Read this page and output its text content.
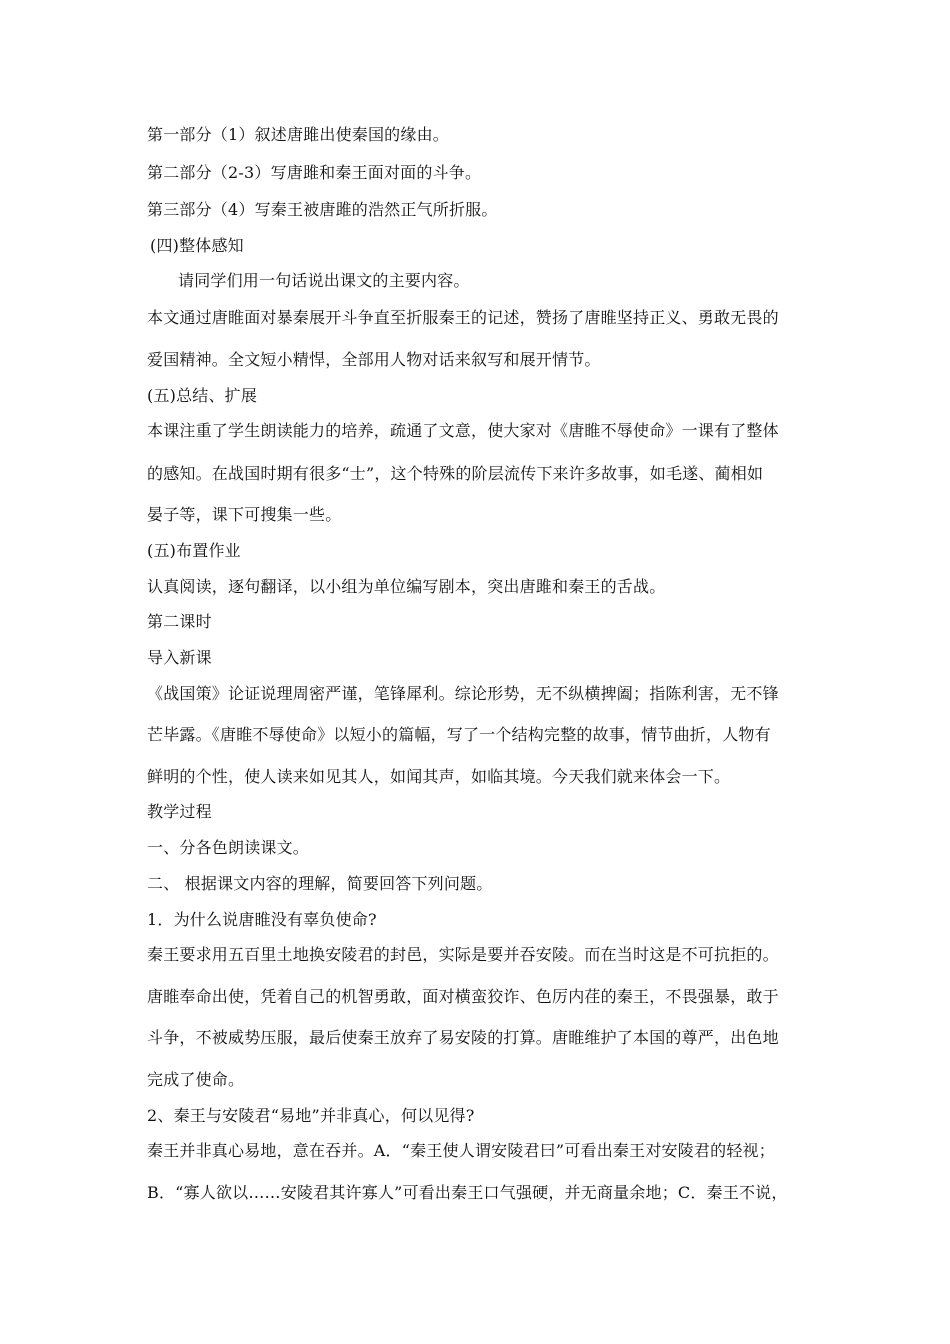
第一部分（1）叙述唐雎出使秦国的缘由。
第二部分（2-3）写唐雎和秦王面对面的斗争。
第三部分（4）写秦王被唐雎的浩然正气所折服。
(四)整体感知
请同学们用一句话说出课文的主要内容。
本文通过唐睢面对暴秦展开斗争直至折服秦王的记述，赞扬了唐睢坚持正义、勇敢无畏的
爱国精神。全文短小精悍，全部用人物对话来叙写和展开情节。
(五)总结、扩展
本课注重了学生朗读能力的培养，疏通了文意，使大家对《唐睢不辱使命》一课有了整体
的感知。在战国时期有很多“士”，这个特殊的阶层流传下来许多故事，如毛遂、蔺相如
晏子等，课下可搜集一些。
(五)布置作业
认真阅读，逐句翻译，以小组为单位编写剧本，突出唐雎和秦王的舌战。
第二课时
导入新课
《战国策》论证说理周密严谨，笔锋犀利。综论形势，无不纵横捭阖；指陈利害，无不锋
芒毕露。《唐睢不辱使命》以短小的篇幅，写了一个结构完整的故事，情节曲折，人物有
鲜明的个性，使人读来如见其人，如闻其声，如临其境。今天我们就来体会一下。
教学过程
一、分各色朗读课文。
二、 根据课文内容的理解，简要回答下列问题。
1．为什么说唐睢没有辜负使命?
秦王要求用五百里土地换安陵君的封邑，实际是要并吞安陵。而在当时这是不可抗拒的。
唐睢奉命出使，凭着自己的机智勇敢，面对横蛮狡诈、色厉内荏的秦王，不畏强暴，敢于
斗争，不被威势压服，最后使秦王放弃了易安陵的打算。唐睢维护了本国的尊严，出色地
完成了使命。
2、秦王与安陵君“易地”并非真心，何以见得?
秦王并非真心易地，意在吞并。A．“秦王使人谓安陵君曰”可看出秦王对安陵君的轻视；
B．“寡人欲以……安陵君其许寡人”可看出秦王口气强硬，并无商量余地；C．秦王不说，
